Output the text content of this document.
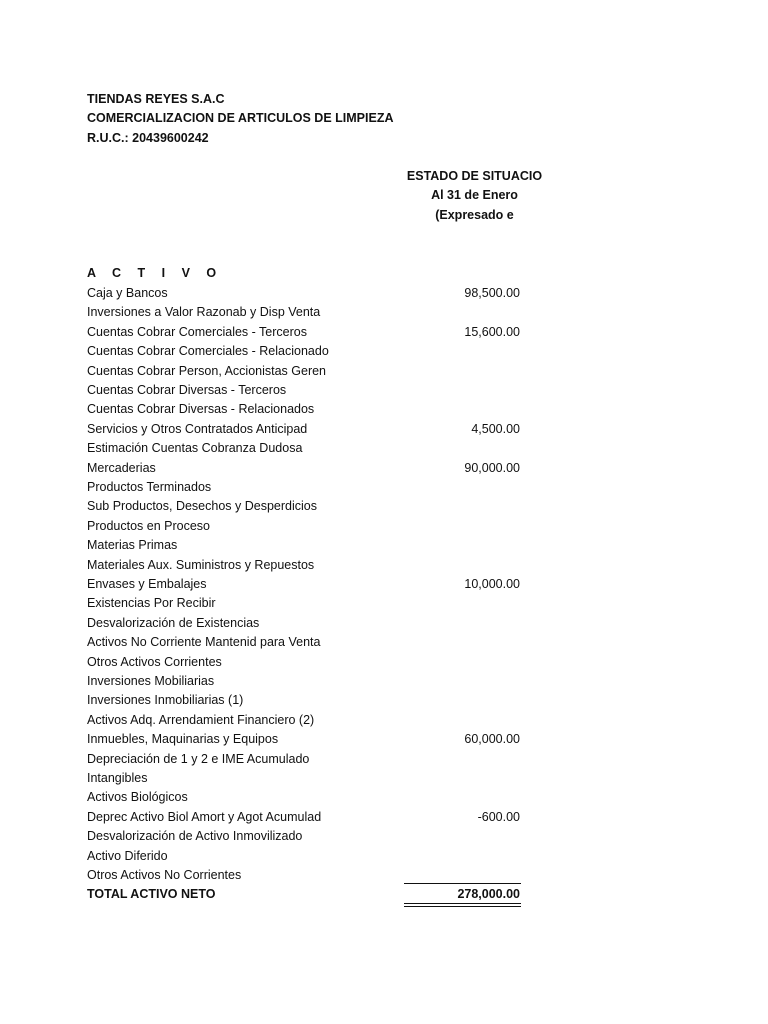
TIENDAS REYES S.A.C
COMERCIALIZACION DE ARTICULOS DE LIMPIEZA
R.U.C.: 20439600242
ESTADO DE SITUACIO
Al 31 de Enero
(Expresado e
A C T I V O
Caja y Bancos	98,500.00
Inversiones a Valor Razonab y Disp Venta
Cuentas Cobrar Comerciales - Terceros	15,600.00
Cuentas Cobrar Comerciales - Relacionado
Cuentas Cobrar Person, Accionistas Geren
Cuentas Cobrar Diversas - Terceros
Cuentas Cobrar Diversas - Relacionados
Servicios y Otros Contratados Anticipad	4,500.00
Estimación Cuentas Cobranza Dudosa
Mercaderias	90,000.00
Productos Terminados
Sub Productos, Desechos y Desperdicios
Productos en Proceso
Materias Primas
Materiales Aux. Suministros y Repuestos
Envases y Embalajes	10,000.00
Existencias Por Recibir
Desvalorización de Existencias
Activos No Corriente Mantenid para Venta
Otros Activos Corrientes
Inversiones Mobiliarias
Inversiones Inmobiliarias (1)
Activos Adq. Arrendamient Financiero (2)
Inmuebles, Maquinarias y Equipos	60,000.00
Depreciación de 1 y 2 e IME Acumulado
Intangibles
Activos Biológicos
Deprec Activo Biol Amort y Agot Acumulad	-600.00
Desvalorización de Activo Inmovilizado
Activo Diferido
Otros Activos No Corrientes
TOTAL ACTIVO NETO	278,000.00
